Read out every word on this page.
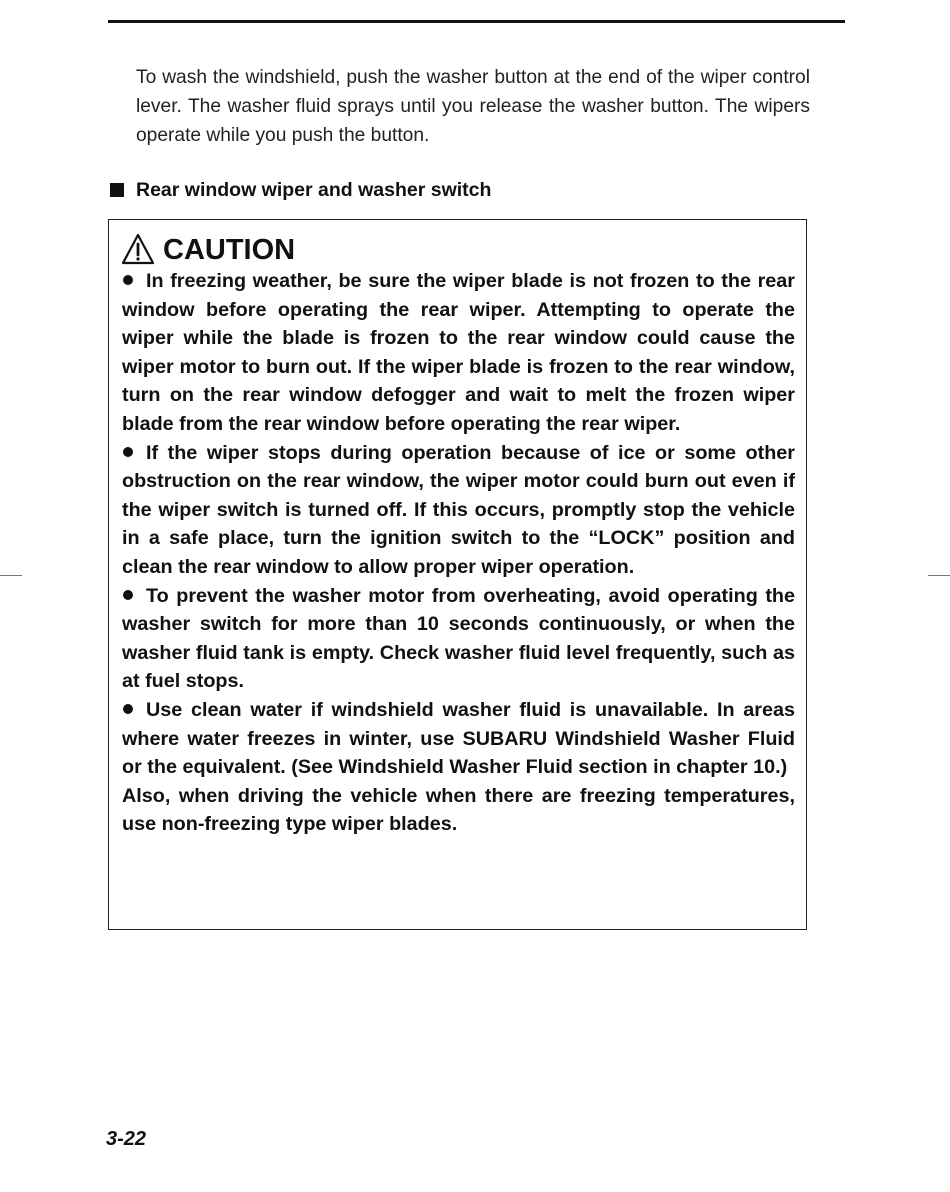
To wash the windshield, push the washer button at the end of the wiper control lever. The washer fluid sprays until you release the washer button. The wipers operate while you push the button.

Rear window wiper and washer switch
CAUTION

In freezing weather, be sure the wiper blade is not frozen to the rear window before operating the rear wiper. Attempting to operate the wiper while the blade is frozen to the rear window could cause the wiper motor to burn out. If the wiper blade is frozen to the rear window, turn on the rear window defogger and wait to melt the frozen wiper blade from the rear window before operating the rear wiper.

If the wiper stops during operation because of ice or some other obstruction on the rear window, the wiper motor could burn out even if the wiper switch is turned off. If this occurs, promptly stop the vehicle in a safe place, turn the ignition switch to the “LOCK” position and clean the rear window to allow proper wiper operation.

To prevent the washer motor from overheating, avoid operating the washer switch for more than 10 seconds continuously, or when the washer fluid tank is empty. Check washer fluid level frequently, such as at fuel stops.

Use clean water if windshield washer fluid is unavailable. In areas where water freezes in winter, use SUBARU Windshield Washer Fluid or the equivalent. (See Windshield Washer Fluid section in chapter 10.)

Also, when driving the vehicle when there are freezing temperatures, use non-freezing type wiper blades.

3-22
